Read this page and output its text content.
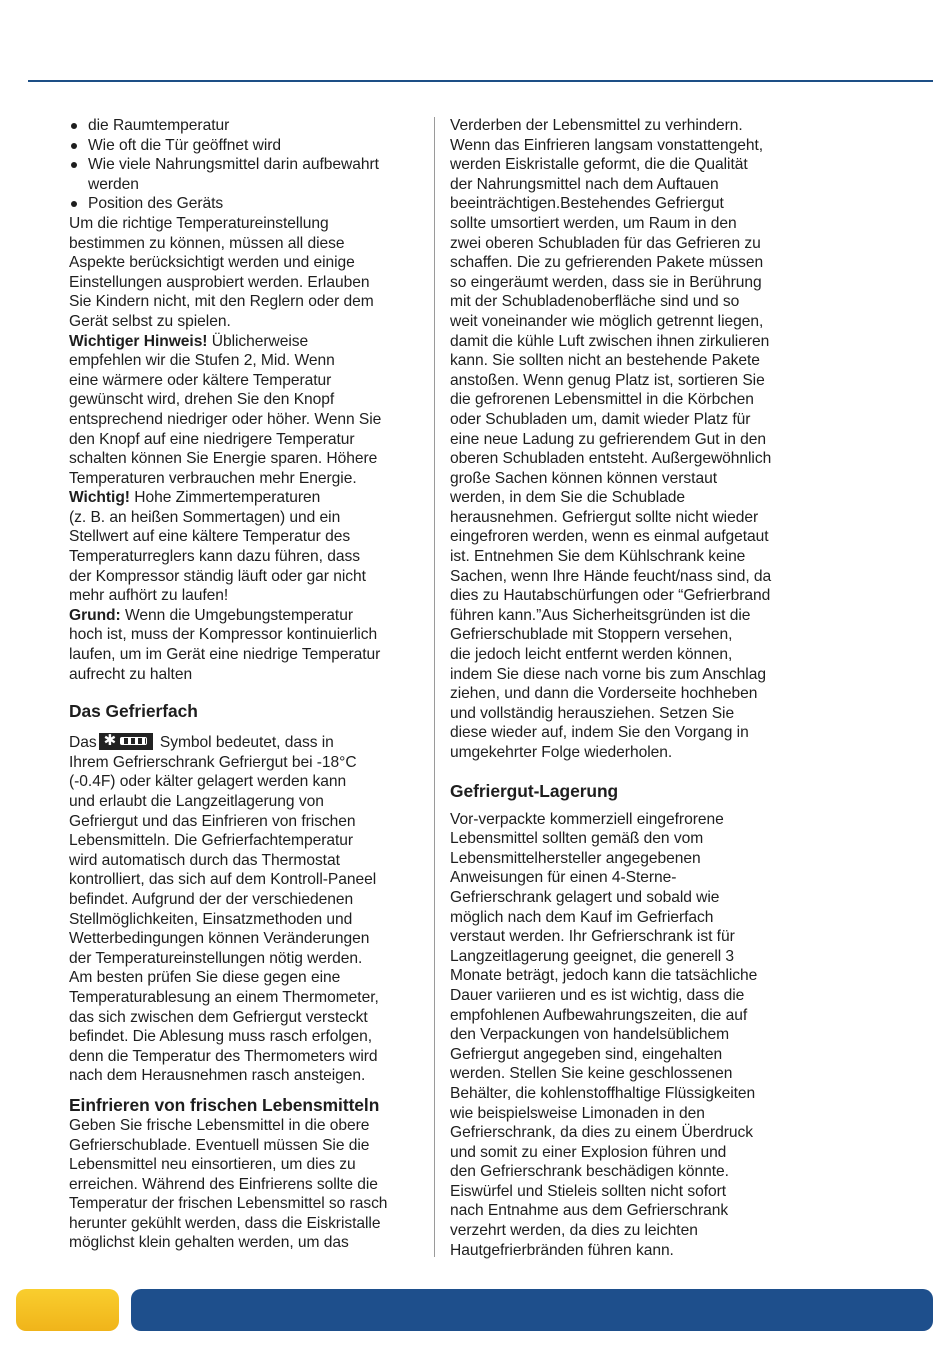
die Raumtemperatur
Wie oft die Tür geöffnet wird
Wie viele Nahrungsmittel darin aufbewahrt
werden
Position des Geräts

Um die richtige Temperatureinstellung
bestimmen zu können, müssen all diese
Aspekte berücksichtigt werden und einige
Einstellungen ausprobiert werden. Erlauben
Sie Kindern nicht, mit den Reglern oder dem
Gerät selbst zu spielen.

Wichtiger Hinweis! Üblicherweise
empfehlen wir die Stufen 2, Mid. Wenn
eine wärmere oder kältere Temperatur
gewünscht wird, drehen Sie den Knopf
entsprechend niedriger oder höher. Wenn Sie
den Knopf auf eine niedrigere Temperatur
schalten können Sie Energie sparen. Höhere
Temperaturen verbrauchen mehr Energie.

Wichtig! Hohe Zimmertemperaturen
(z. B. an heißen Sommertagen) und ein
Stellwert auf eine kältere Temperatur des
Temperaturreglers kann dazu führen, dass
der Kompressor ständig läuft oder gar nicht
mehr aufhört zu laufen!

Grund: Wenn die Umgebungstemperatur
hoch ist, muss der Kompressor kontinuierlich
laufen, um im Gerät eine niedrige Temperatur
aufrecht zu halten

Das Gefrierfach

Das ✱	Symbol bedeutet, dass in
Ihrem Gefrierschrank Gefriergut bei -18°C
(-0.4F) oder kälter gelagert werden kann
und erlaubt die Langzeitlagerung von
Gefriergut und das Einfrieren von frischen
Lebensmitteln. Die Gefrierfachtemperatur
wird automatisch durch das Thermostat
kontrolliert, das sich auf dem Kontroll-Paneel
befindet. Aufgrund der der verschiedenen
Stellmöglichkeiten, Einsatzmethoden und
Wetterbedingungen können Veränderungen
der Temperatureinstellungen nötig werden.
Am besten prüfen Sie diese gegen eine
Temperaturablesung an einem Thermometer,
das sich zwischen dem Gefriergut versteckt
befindet. Die Ablesung muss rasch erfolgen,
denn die Temperatur des Thermometers wird
nach dem Herausnehmen rasch ansteigen.

Einfrieren von frischen Lebensmitteln

Geben Sie frische Lebensmittel in die obere
Gefrierschublade. Eventuell müssen Sie die
Lebensmittel neu einsortieren, um dies zu
erreichen. Während des Einfrierens sollte die
Temperatur der frischen Lebensmittel so rasch
herunter gekühlt werden, dass die Eiskristalle
möglichst klein gehalten werden, um das

Verderben der Lebensmittel zu verhindern.
Wenn das Einfrieren langsam vonstattengeht,
werden Eiskristalle geformt, die die Qualität
der Nahrungsmittel nach dem Auftauen
beeinträchtigen.Bestehendes Gefriergut
sollte umsortiert werden, um Raum in den
zwei oberen Schubladen für das Gefrieren zu
schaffen. Die zu gefrierenden Pakete müssen
so eingeräumt werden, dass sie in Berührung
mit der Schubladenoberfläche sind und so
weit voneinander wie möglich getrennt liegen,
damit die kühle Luft zwischen ihnen zirkulieren
kann. Sie sollten nicht an bestehende Pakete
anstoßen. Wenn genug Platz ist, sortieren Sie
die gefrorenen Lebensmittel in die Körbchen
oder Schubladen um, damit wieder Platz für
eine neue Ladung zu gefrierendem Gut in den
oberen Schubladen entsteht. Außergewöhnlich
große Sachen können können verstaut
werden, in dem Sie die Schublade
herausnehmen. Gefriergut sollte nicht wieder
eingefroren werden, wenn es einmal aufgetaut
ist. Entnehmen Sie dem Kühlschrank keine
Sachen, wenn Ihre Hände feucht/nass sind, da
dies zu Hautabschürfungen oder “Gefrierbrand
führen kann.”Aus Sicherheitsgründen ist die
Gefrierschublade mit Stoppern versehen,
die jedoch leicht entfernt werden können,
indem Sie diese nach vorne bis zum Anschlag
ziehen, und dann die Vorderseite hochheben
und vollständig herausziehen. Setzen Sie
diese wieder auf, indem Sie den Vorgang in
umgekehrter Folge wiederholen.

Gefriergut-Lagerung

Vor-verpackte kommerziell eingefrorene
Lebensmittel sollten gemäß den vom
Lebensmittelhersteller angegebenen
Anweisungen für einen 4-Sterne-
Gefrierschrank gelagert und sobald wie
möglich nach dem Kauf im Gefrierfach
verstaut werden. Ihr Gefrierschrank ist für
Langzeitlagerung geeignet, die generell 3
Monate beträgt, jedoch kann die tatsächliche
Dauer variieren und es ist wichtig, dass die
empfohlenen Aufbewahrungszeiten, die auf
den Verpackungen von handelsüblichem
Gefriergut angegeben sind, eingehalten
werden. Stellen Sie keine geschlossenen
Behälter, die kohlenstoffhaltige Flüssigkeiten
wie beispielsweise Limonaden in den
Gefrierschrank, da dies zu einem Überdruck
und somit zu einer Explosion führen und
den Gefrierschrank beschädigen könnte.
Eiswürfel und Stieleis sollten nicht sofort
nach Entnahme aus dem Gefrierschrank
verzehrt werden, da dies zu leichten
Hautgefrierbränden führen kann.
